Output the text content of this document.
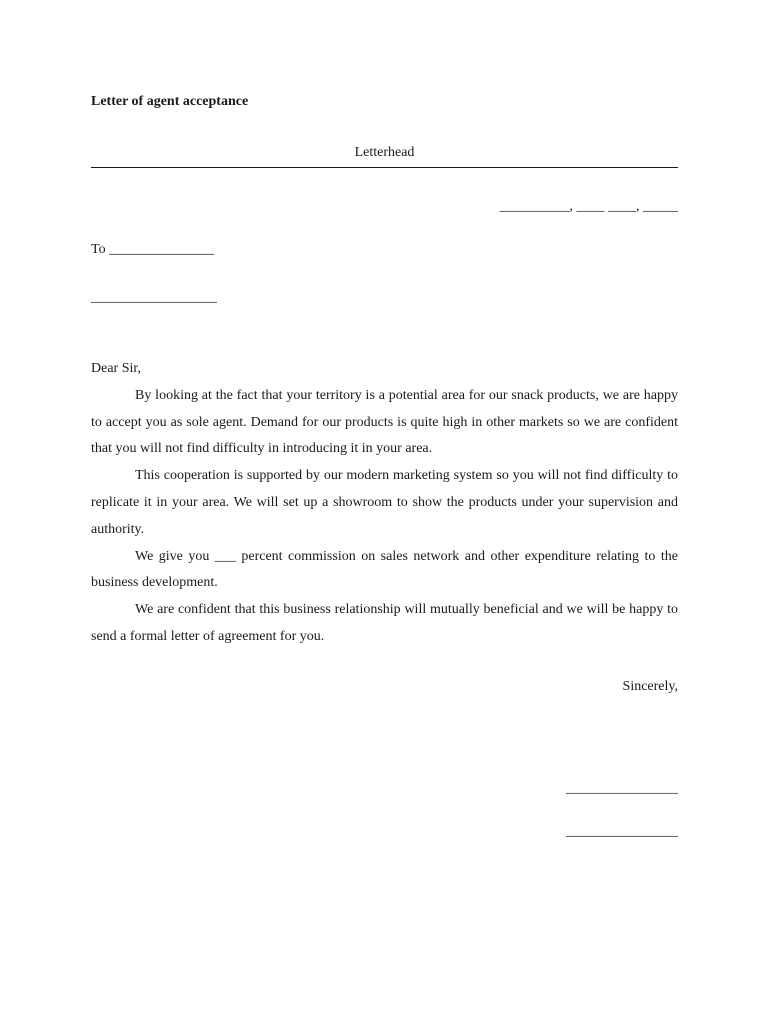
Letter of agent acceptance
Letterhead
__________, ____ ____, _____
To _______________
__________________

Dear Sir,

By looking at the fact that your territory is a potential area for our snack products, we are happy to accept you as sole agent. Demand for our products is quite high in other markets so we are confident that you will not find difficulty in introducing it in your area.

This cooperation is supported by our modern marketing system so you will not find difficulty to replicate it in your area. We will set up a showroom to show the products under your supervision and authority.

We give you ___ percent commission on sales network and other expenditure relating to the business development.

We are confident that this business relationship will mutually beneficial and we will be happy to send a formal letter of agreement for you.

Sincerely,
________________
________________
